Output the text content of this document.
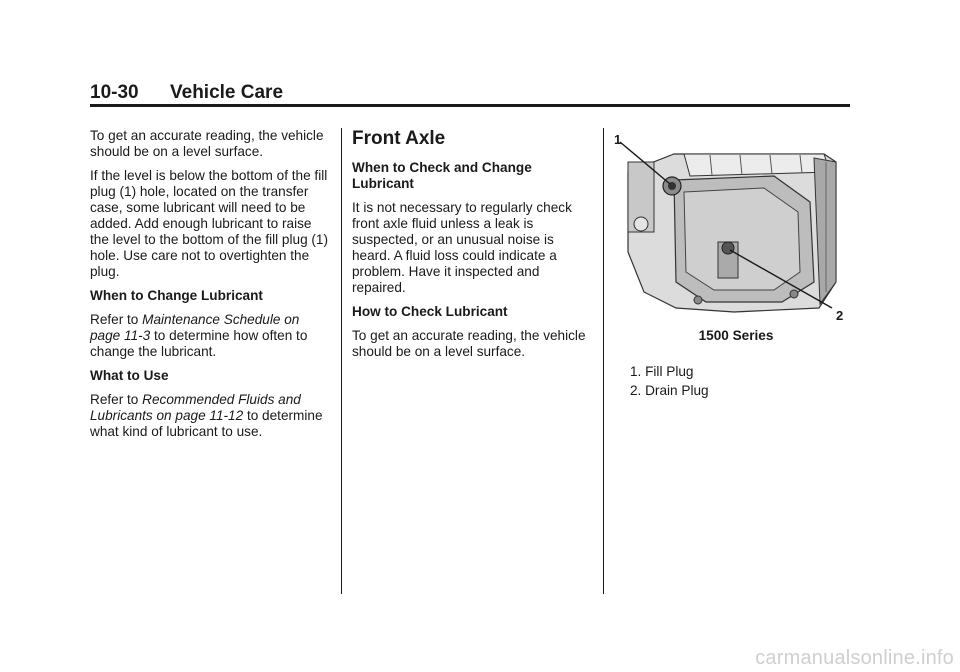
10-30 Vehicle Care

To get an accurate reading, the vehicle should be on a level surface.

If the level is below the bottom of the fill plug (1) hole, located on the transfer case, some lubricant will need to be added. Add enough lubricant to raise the level to the bottom of the fill plug (1) hole. Use care not to overtighten the plug.

When to Change Lubricant

Refer to Maintenance Schedule on page 11-3 to determine how often to change the lubricant.

What to Use

Refer to Recommended Fluids and Lubricants on page 11-12 to determine what kind of lubricant to use.

Front Axle

When to Check and Change Lubricant

It is not necessary to regularly check front axle fluid unless a leak is suspected, or an unusual noise is heard. A fluid loss could indicate a problem. Have it inspected and repaired.

How to Check Lubricant

To get an accurate reading, the vehicle should be on a level surface.

1
2
1500 Series
1. Fill Plug
2. Drain Plug
carmanualsonline.info
